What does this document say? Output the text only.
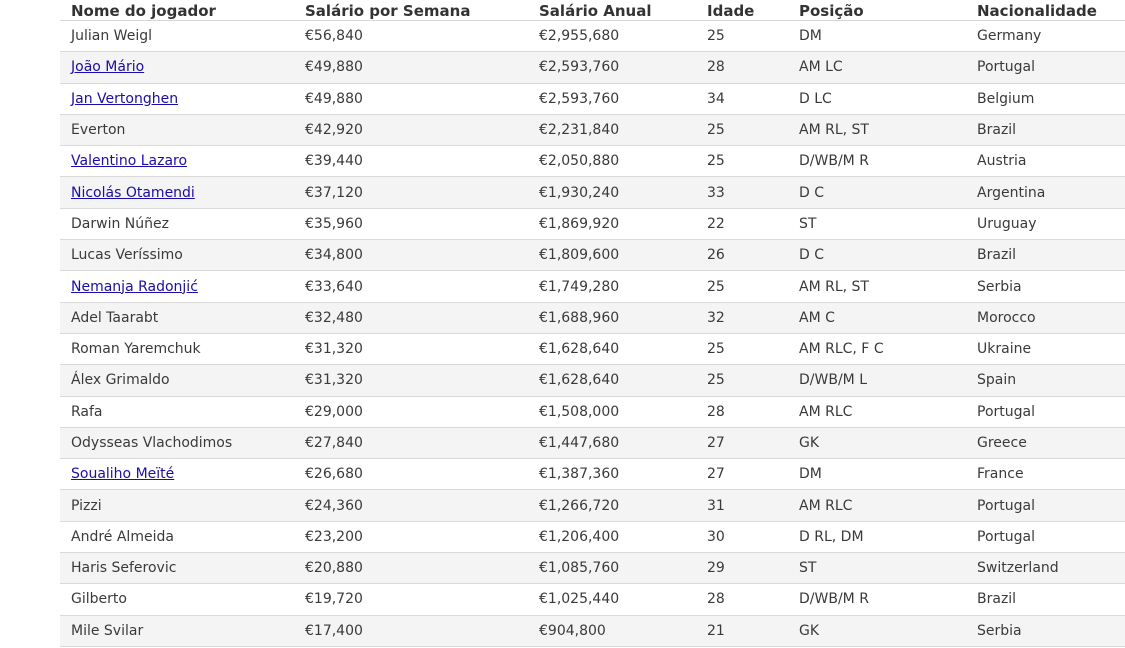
Nome do jogador	Salário por Semana	Salário Anual	Idade	Posição	Nacionalidade
Julian Weigl	€56,840	€2,955,680	25	DM	Germany
João Mário	€49,880	€2,593,760	28	AM LC	Portugal
Jan Vertonghen	€49,880	€2,593,760	34	D LC	Belgium
Everton	€42,920	€2,231,840	25	AM RL, ST	Brazil
Valentino Lazaro	€39,440	€2,050,880	25	D/WB/M R	Austria
Nicolás Otamendi	€37,120	€1,930,240	33	D C	Argentina
Darwin Núñez	€35,960	€1,869,920	22	ST	Uruguay
Lucas Veríssimo	€34,800	€1,809,600	26	D C	Brazil
Nemanja Radonjić	€33,640	€1,749,280	25	AM RL, ST	Serbia
Adel Taarabt	€32,480	€1,688,960	32	AM C	Morocco
Roman Yaremchuk	€31,320	€1,628,640	25	AM RLC, F C	Ukraine
Álex Grimaldo	€31,320	€1,628,640	25	D/WB/M L	Spain
Rafa	€29,000	€1,508,000	28	AM RLC	Portugal
Odysseas Vlachodimos	€27,840	€1,447,680	27	GK	Greece
Soualiho Meïté	€26,680	€1,387,360	27	DM	France
Pizzi	€24,360	€1,266,720	31	AM RLC	Portugal
André Almeida	€23,200	€1,206,400	30	D RL, DM	Portugal
Haris Seferovic	€20,880	€1,085,760	29	ST	Switzerland
Gilberto	€19,720	€1,025,440	28	D/WB/M R	Brazil
Mile Svilar	€17,400	€904,800	21	GK	Serbia
